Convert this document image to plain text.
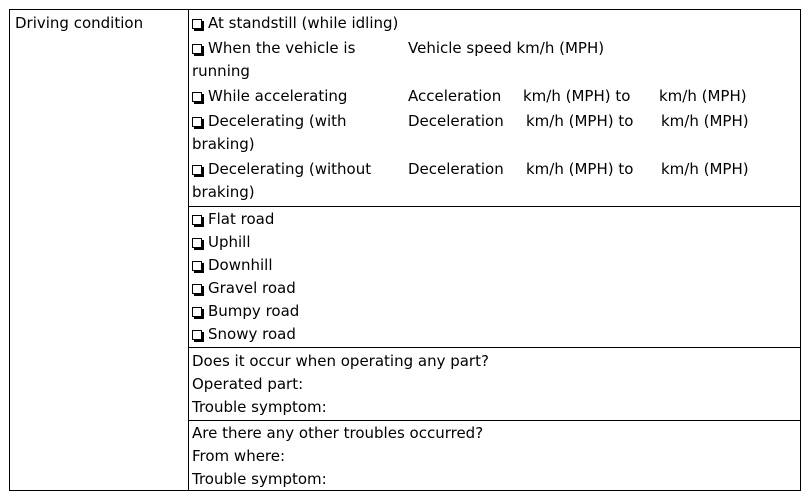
Driving condition	At standstill (while idling)
When the vehicle is
running
Vehicle speed km/h (MPH)
While accelerating	Acceleration km/h (MPH) to km/h (MPH)
Decelerating (with
braking)
Deceleration km/h (MPH) to km/h (MPH)
Decelerating (without
braking)
Deceleration km/h (MPH) to km/h (MPH)
Flat road
Uphill
Downhill
Gravel road
Bumpy road
Snowy road
Does it occur when operating any part?
Operated part:
Trouble symptom:
Are there any other troubles occurred?
From where:
Trouble symptom:
